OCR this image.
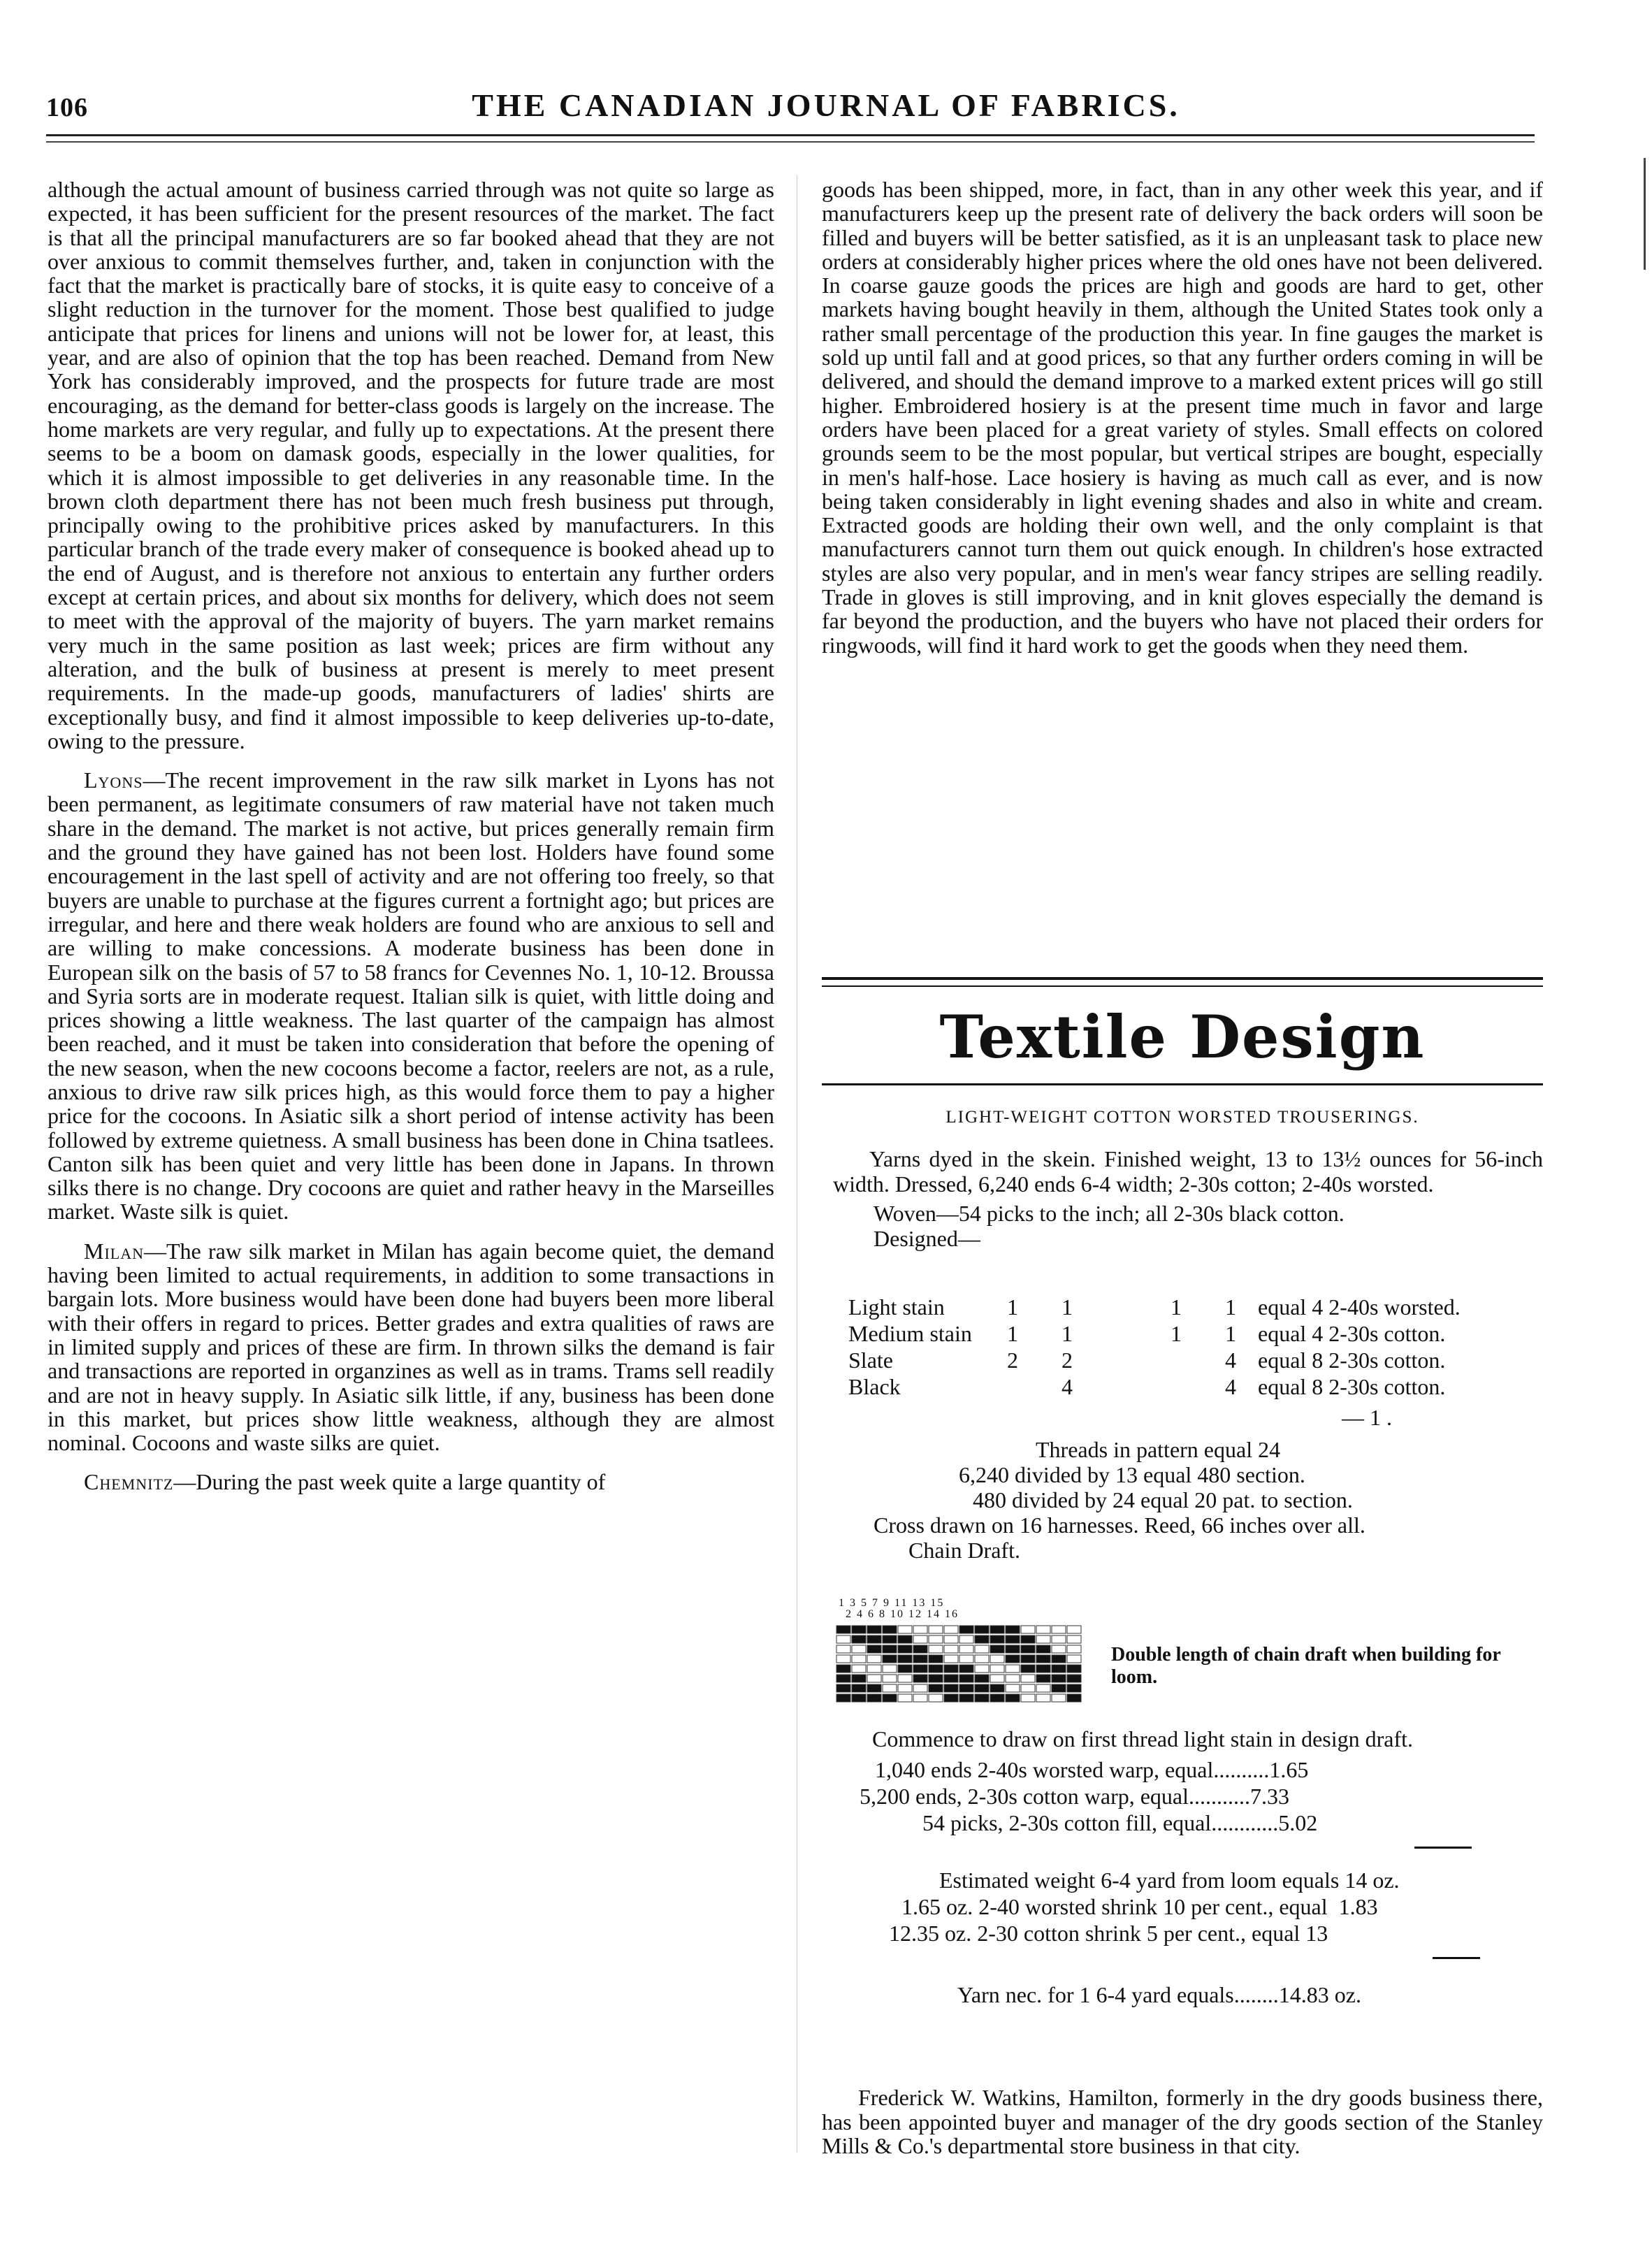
106	THE CANADIAN JOURNAL OF FABRICS.

although the actual amount of business carried through was not quite so large as expected, it has been sufficient for the present resources of the market. The fact is that all the principal manufacturers are so far booked ahead that they are not over anxious to commit themselves further, and, taken in conjunction with the fact that the market is practically bare of stocks, it is quite easy to conceive of a slight reduction in the turnover for the moment. Those best qualified to judge anticipate that prices for linens and unions will not be lower for, at least, this year, and are also of opinion that the top has been reached. Demand from New York has considerably improved, and the prospects for future trade are most encouraging, as the demand for better-class goods is largely on the increase. The home markets are very regular, and fully up to expectations. At the present there seems to be a boom on damask goods, especially in the lower qualities, for which it is almost impossible to get deliveries in any reasonable time. In the brown cloth department there has not been much fresh business put through, principally owing to the prohibitive prices asked by manufacturers. In this particular branch of the trade every maker of consequence is booked ahead up to the end of August, and is therefore not anxious to entertain any further orders except at certain prices, and about six months for delivery, which does not seem to meet with the approval of the majority of buyers. The yarn market remains very much in the same position as last week; prices are firm without any alteration, and the bulk of business at present is merely to meet present requirements. In the made-up goods, manufacturers of ladies' shirts are exceptionally busy, and find it almost impossible to keep deliveries up-to-date, owing to the pressure.

Lyons—The recent improvement in the raw silk market in Lyons has not been permanent, as legitimate consumers of raw material have not taken much share in the demand. The market is not active, but prices generally remain firm and the ground they have gained has not been lost. Holders have found some encouragement in the last spell of activity and are not offering too freely, so that buyers are unable to purchase at the figures current a fortnight ago; but prices are irregular, and here and there weak holders are found who are anxious to sell and are willing to make concessions. A moderate business has been done in European silk on the basis of 57 to 58 francs for Cevennes No. 1, 10-12. Broussa and Syria sorts are in moderate request. Italian silk is quiet, with little doing and prices showing a little weakness. The last quarter of the campaign has almost been reached, and it must be taken into consideration that before the opening of the new season, when the new cocoons become a factor, reelers are not, as a rule, anxious to drive raw silk prices high, as this would force them to pay a higher price for the cocoons. In Asiatic silk a short period of intense activity has been followed by extreme quietness. A small business has been done in China tsatlees. Canton silk has been quiet and very little has been done in Japans. In thrown silks there is no change. Dry cocoons are quiet and rather heavy in the Marseilles market. Waste silk is quiet.

Milan—The raw silk market in Milan has again become quiet, the demand having been limited to actual requirements, in addition to some transactions in bargain lots. More business would have been done had buyers been more liberal with their offers in regard to prices. Better grades and extra qualities of raws are in limited supply and prices of these are firm. In thrown silks the demand is fair and transactions are reported in organzines as well as in trams. Trams sell readily and are not in heavy supply. In Asiatic silk little, if any, business has been done in this market, but prices show little weakness, although they are almost nominal. Cocoons and waste silks are quiet.

Chemnitz—During the past week quite a large quantity of

goods has been shipped, more, in fact, than in any other week this year, and if manufacturers keep up the present rate of delivery the back orders will soon be filled and buyers will be better satisfied, as it is an unpleasant task to place new orders at considerably higher prices where the old ones have not been delivered. In coarse gauze goods the prices are high and goods are hard to get, other markets having bought heavily in them, although the United States took only a rather small percentage of the production this year. In fine gauges the market is sold up until fall and at good prices, so that any further orders coming in will be delivered, and should the demand improve to a marked extent prices will go still higher. Embroidered hosiery is at the present time much in favor and large orders have been placed for a great variety of styles. Small effects on colored grounds seem to be the most popular, but vertical stripes are bought, especially in men's half-hose. Lace hosiery is having as much call as ever, and is now being taken considerably in light evening shades and also in white and cream. Extracted goods are holding their own well, and the only complaint is that manufacturers cannot turn them out quick enough. In children's hose extracted styles are also very popular, and in men's wear fancy stripes are selling readily. Trade in gloves is still improving, and in knit gloves especially the demand is far beyond the production, and the buyers who have not placed their orders for ringwoods, will find it hard work to get the goods when they need them.

Textile Design
LIGHT-WEIGHT COTTON WORSTED TROUSERINGS.

Yarns dyed in the skein. Finished weight, 13 to 13½ ounces for 56-inch width. Dressed, 6,240 ends 6-4 width; 2-30s cotton; 2-40s worsted.

Woven—54 picks to the inch; all 2-30s black cotton.

Designed—

Light stain	1	1		1	1	equal 4 2-40s worsted.
Medium stain	1	1		1	1	equal 4 2-30s cotton.
Slate	2	2			4	equal 8 2-30s cotton.
Black		4			4	equal 8 2-30s cotton.
— 1 .

Threads in pattern equal 24

6,240 divided by 13 equal 480 section.

480 divided by 24 equal 20 pat. to section.

Cross drawn on 16 harnesses. Reed, 66 inches over all.

Chain Draft.

1 3 5 7 9 11 13 15
2 4 6 8 10 12 14 16
Double length of chain draft when building for loom.

Commence to draw on first thread light stain in design draft.

1,040 ends 2-40s worsted warp, equal..........1.65
5,200 ends, 2-30s cotton warp, equal...........7.33
54 picks, 2-30s cotton fill, equal............5.02
Estimated weight 6-4 yard from loom equals 14 oz.
1.65 oz. 2-40 worsted shrink 10 per cent., equal  1.83
12.35 oz. 2-30 cotton shrink 5 per cent., equal 13
Yarn nec. for 1 6-4 yard equals........14.83 oz.

Frederick W. Watkins, Hamilton, formerly in the dry goods business there, has been appointed buyer and manager of the dry goods section of the Stanley Mills & Co.'s departmental store business in that city.
